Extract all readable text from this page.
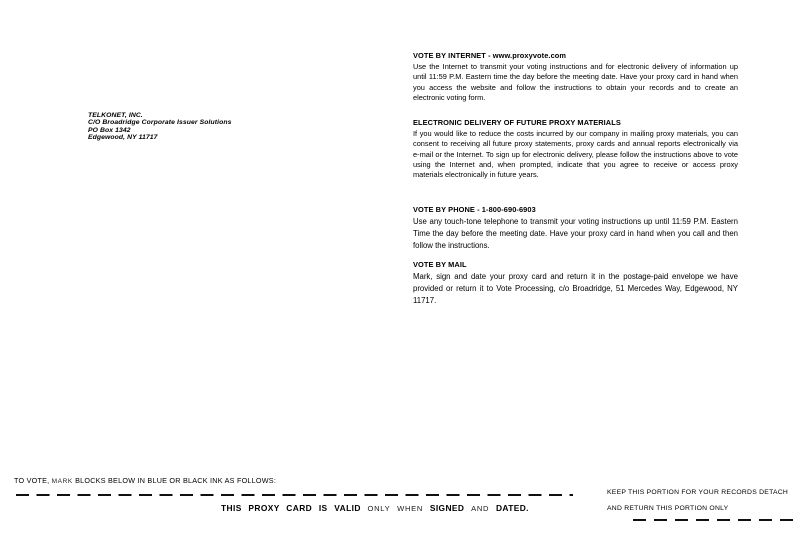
TELKONET, INC.
C/O Broadridge Corporate Issuer Solutions
PO Box 1342
Edgewood, NY 11717
VOTE BY INTERNET - www.proxyvote.com

Use the Internet to transmit your voting instructions and for electronic delivery of information up until 11:59 P.M. Eastern time the day before the meeting date. Have your proxy card in hand when you access the website and follow the instructions to obtain your records and to create an electronic voting form.

ELECTRONIC DELIVERY OF FUTURE PROXY MATERIALS

If you would like to reduce the costs incurred by our company in mailing proxy materials, you can consent to receiving all future proxy statements, proxy cards and annual reports electronically via e-mail or the Internet. To sign up for electronic delivery, please follow the instructions above to vote using the Internet and, when prompted, indicate that you agree to receive or access proxy materials electronically in future years.

VOTE BY PHONE - 1-800-690-6903

Use any touch-tone telephone to transmit your voting instructions up until 11:59 P.M. Eastern Time the day before the meeting date. Have your proxy card in hand when you call and then follow the instructions.

VOTE BY MAIL

Mark, sign and date your proxy card and return it in the postage-paid envelope we have provided or return it to Vote Processing, c/o Broadridge, 51 Mercedes Way, Edgewood, NY 11717.

TO VOTE, MARK BLOCKS BELOW IN BLUE OR BLACK INK AS FOLLOWS:
THIS PROXY CARD IS VALID ONLY WHEN SIGNED AND DATED.
KEEP THIS PORTION FOR YOUR RECORDS DETACH
AND RETURN THIS PORTION ONLY
